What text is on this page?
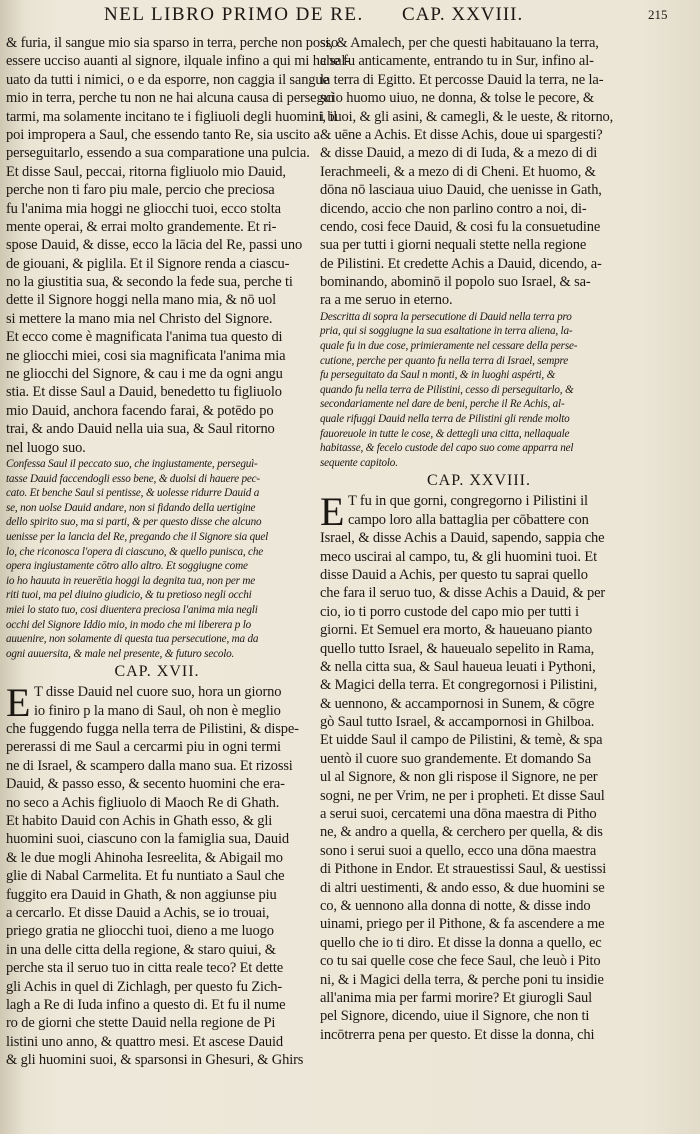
NEL LIBRO PRIMO DE RE. CAP. XXVIII.	215
& furia, il sangue mio sia sparso in terra, perche non posso
essere ucciso auanti al signore, ilquale infino a qui mi ha sal-
uato da tutti i nimici, o e da esporre, non caggia il sangue
mio in terra, perche tu non ne hai alcuna causa di perseguì
tarmi, ma solamente incitano te i figliuoli degli huomini, il
poi impropera a Saul, che essendo tanto Re, sia uscito a
perseguitarlo, essendo a sua comparatione una pulcia.
Et disse Saul, peccai, ritorna figliuolo mio Dauid,
perche non ti faro piu male, percio che preciosa
fu l'anima mia hoggi ne gliocchi tuoi, ecco stolta
mente operai, & errai molto grandemente. Et ri-
spose Dauid, & disse, ecco la lācia del Re, passi uno
de giouani, & piglila. Et il Signore renda a ciascu-
no la giustitia sua, & secondo la fede sua, perche ti
dette il Signore hoggi nella mano mia, & nō uol
si mettere la mano mia nel Christo del Signore.
Et ecco come è magnificata l'anima tua questo di
ne gliocchi miei, cosi sia magnificata l'anima mia
ne gliocchi del Signore, & cau i me da ogni angu
stia. Et disse Saul a Dauid, benedetto tu figliuolo
mio Dauid, anchora facendo farai, & potēdo po
trai, & ando Dauid nella uia sua, & Saul ritorno
nel luogo suo.
Confessa Saul il peccato suo, che ingiustamente, perseguì-
tasse Dauid faccendogli esso bene, & duolsi di hauere pec-
cato. Et benche Saul si pentisse, & uolesse ridurre Dauid a
se, non uolse Dauid andare, non si fidando della uertigine
dello spirito suo, ma si parti, & per questo disse che alcuno
uenisse per la lancia del Re, pregando che il Signore sia quel
lo, che riconosca l'opera di ciascuno, & quello punisca, che
opera ingiustamente cōtro allo altro. Et soggiugne come
io ho hauuta in reuerētia hoggi la degnita tua, non per me
riti tuoi, ma pel diuino giudicio, & tu pretioso negli occhi
miei lo stato tuo, cosi diuentera preciosa l'anima mia negli
occhi del Signore Iddio mio, in modo che mi liberera p lo
auuenire, non solamente di questa tua persecutione, ma da
ogni auuersita, & male nel presente, & futuro secolo.
CAP. XVII.
E T disse Dauid nel cuore suo, hora un giorno
io finiro p la mano di Saul, oh non è meglio
che fuggendo fugga nella terra de Pilistini, & dispe-
pererassi di me Saul a cercarmi piu in ogni termi
ne di Israel, & scampero dalla mano sua. Et rizossi
Dauid, & passo esso, & secento huomini che era-
no seco a Achis figliuolo di Maoch Re di Ghath.
Et habito Dauid con Achis in Ghath esso, & gli
huomini suoi, ciascuno con la famiglia sua, Dauid
& le due mogli Ahinoha Iesreelita, & Abigail mo
glie di Nabal Carmelita. Et fu nuntiato a Saul che
fuggito era Dauid in Ghath, & non aggiunse piu
a cercarlo. Et disse Dauid a Achis, se io trouai,
priego gratia ne gliocchi tuoi, dieno a me luogo
in una delle citta della regione, & staro quiui, &
perche sta il seruo tuo in citta reale teco? Et dette
gli Achis in quel di Zichlagh, per questo fu Zich-
lagh a Re di Iuda infino a questo di. Et fu il nume
ro de giorni che stette Dauid nella regione de Pi
listini uno anno, & quattro mesi. Et ascese Dauid
& gli huomini suoi, & sparsonsi in Ghesuri, & Ghirs
si, & Amalech, per che questi habitauano la terra,
che fu anticamente, entrando tu in Sur, infino al-
la terra di Egitto. Et percosse Dauid la terra, ne la-
scio huomo uiuo, ne donna, & tolse le pecore, &
i buoi, & gli asini, & camegli, & le ueste, & ritorno,
& uēne a Achis. Et disse Achis, doue ui spargesti?
& disse Dauid, a mezo di di Iuda, & a mezo di di
Ierachmeeli, & a mezo di di Cheni. Et huomo, &
dōna nō lasciaua uiuo Dauid, che uenisse in Gath,
dicendo, accio che non parlino contro a noi, di-
cendo, cosi fece Dauid, & cosi fu la consuetudine
sua per tutti i giorni nequali stette nella regione
de Pilistini. Et credette Achis a Dauid, dicendo, a-
bominando, abominō il popolo suo Israel, & sa-
ra a me seruo in eterno.
Descritta di sopra la persecutione di Dauid nella terra pro
pria, qui si soggiugne la sua esaltatione in terra aliena, la-
quale fu in due cose, primieramente nel cessare della perse-
cutione, perche per quanto fu nella terra di Israel, sempre
fu perseguitato da Saul n monti, & in luoghi aspérti, &
quando fu nella terra de Pilistini, cesso di perseguitarlo, &
secondariamente nel dare de beni, perche il Re Achis, al-
quale rifuggi Dauid nella terra de Pilistini gli rende molto
fauoreuole in tutte le cose, & dettegli una citta, nellaquale
habitasse, & fecelo custode del capo suo come apparra nel
sequente capitolo.
CAP. XXVIII.
E T fu in que gorni, congregorno i Pilistini il
campo loro alla battaglia per cōbattere con
Israel, & disse Achis a Dauid, sapendo, sappia che
meco uscirai al campo, tu, & gli huomini tuoi. Et
disse Dauid a Achis, per questo tu saprai quello
che fara il seruo tuo, & disse Achis a Dauid, & per
cio, io ti porro custode del capo mio per tutti i
giorni. Et Semuel era morto, & haueuano pianto
quello tutto Israel, & haueualo sepelito in Rama,
& nella citta sua, & Saul haueua leuati i Pythoni,
& Magici della terra. Et congregornosi i Pilistini,
& uennono, & accampornosi in Sunem, & cōgre
gò Saul tutto Israel, & accampornosi in Ghilboa.
Et uidde Saul il campo de Pilistini, & temè, & spa
uentò il cuore suo grandemente. Et domando Sa
ul al Signore, & non gli rispose il Signore, ne per
sogni, ne per Vrim, ne per i propheti. Et disse Saul
a serui suoi, cercatemi una dōna maestra di Pitho
ne, & andro a quella, & cerchero per quella, & dis
sono i serui suoi a quello, ecco una dōna maestra
di Pithone in Endor. Et strauestissi Saul, & uestissi
di altri uestimenti, & ando esso, & due huomini se
co, & uennono alla donna di notte, & disse indo
uinami, priego per il Pithone, & fa ascendere a me
quello che io ti diro. Et disse la donna a quello, ec
co tu sai quelle cose che fece Saul, che leuò i Pito
ni, & i Magici della terra, & perche poni tu insidie
all'anima mia per farmi morire? Et giurogli Saul
pel Signore, dicendo, uiue il Signore, che non ti
incōtrerra pena per questo. Et disse la donna, chi
